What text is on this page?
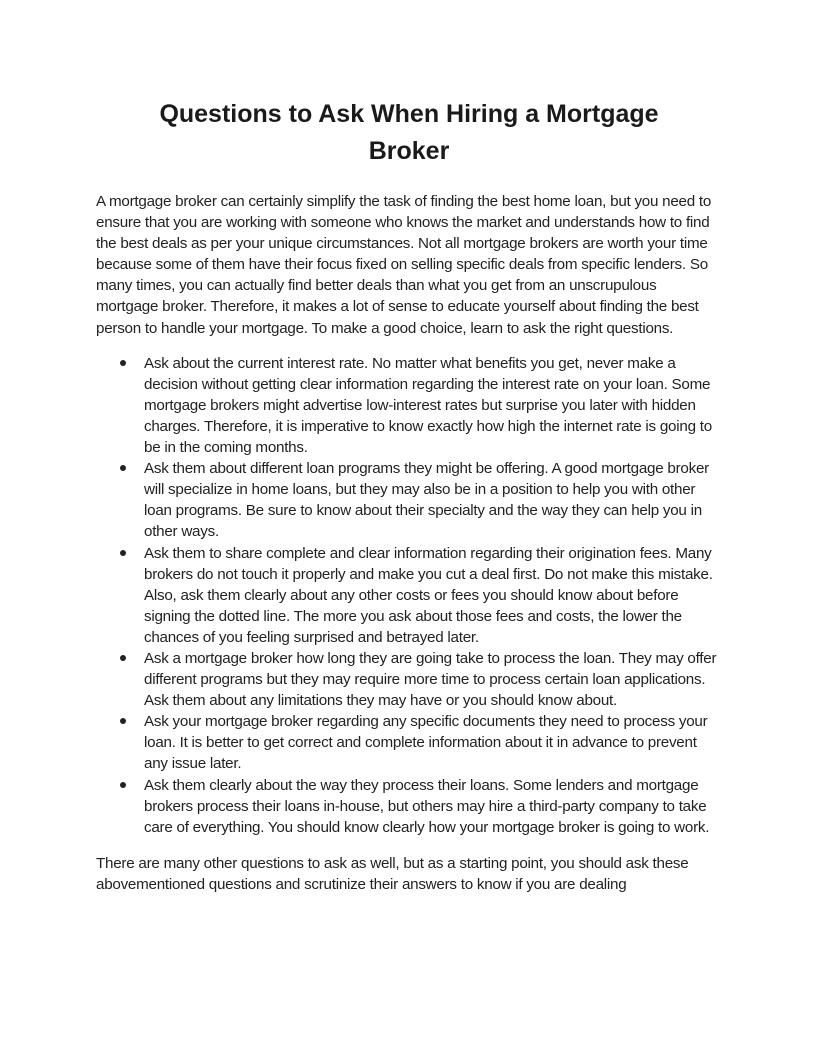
Questions to Ask When Hiring a Mortgage Broker

A mortgage broker can certainly simplify the task of finding the best home loan, but you need to ensure that you are working with someone who knows the market and understands how to find the best deals as per your unique circumstances. Not all mortgage brokers are worth your time because some of them have their focus fixed on selling specific deals from specific lenders. So many times, you can actually find better deals than what you get from an unscrupulous mortgage broker. Therefore, it makes a lot of sense to educate yourself about finding the best person to handle your mortgage. To make a good choice, learn to ask the right questions.

Ask about the current interest rate. No matter what benefits you get, never make a decision without getting clear information regarding the interest rate on your loan. Some mortgage brokers might advertise low-interest rates but surprise you later with hidden charges. Therefore, it is imperative to know exactly how high the internet rate is going to be in the coming months.
Ask them about different loan programs they might be offering. A good mortgage broker will specialize in home loans, but they may also be in a position to help you with other loan programs. Be sure to know about their specialty and the way they can help you in other ways.
Ask them to share complete and clear information regarding their origination fees. Many brokers do not touch it properly and make you cut a deal first. Do not make this mistake. Also, ask them clearly about any other costs or fees you should know about before signing the dotted line. The more you ask about those fees and costs, the lower the chances of you feeling surprised and betrayed later.
Ask a mortgage broker how long they are going take to process the loan. They may offer different programs but they may require more time to process certain loan applications. Ask them about any limitations they may have or you should know about.
Ask your mortgage broker regarding any specific documents they need to process your loan. It is better to get correct and complete information about it in advance to prevent any issue later.
Ask them clearly about the way they process their loans. Some lenders and mortgage brokers process their loans in-house, but others may hire a third-party company to take care of everything. You should know clearly how your mortgage broker is going to work.

There are many other questions to ask as well, but as a starting point, you should ask these abovementioned questions and scrutinize their answers to know if you are dealing
